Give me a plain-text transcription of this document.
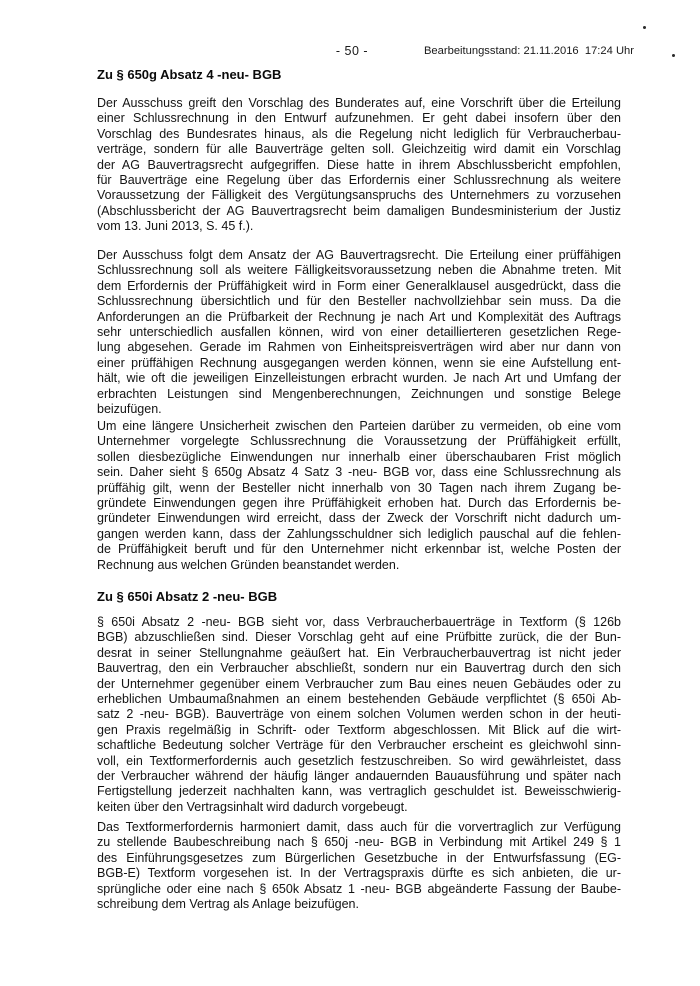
- 50 -	Bearbeitungsstand: 21.11.2016  17:24 Uhr
Zu § 650g Absatz 4 -neu- BGB
Der Ausschuss greift den Vorschlag des Bunderates auf, eine Vorschrift über die Erteilung
einer Schlussrechnung in den Entwurf aufzunehmen. Er geht dabei insofern über den
Vorschlag des Bundesrates hinaus, als die Regelung nicht lediglich für Verbraucherbau-
verträge, sondern für alle Bauverträge gelten soll. Gleichzeitig wird damit ein Vorschlag
der AG Bauvertragsrecht aufgegriffen. Diese hatte in ihrem Abschlussbericht empfohlen,
für Bauverträge eine Regelung über das Erfordernis einer Schlussrechnung als weitere
Voraussetzung der Fälligkeit des Vergütungsanspruchs des Unternehmers zu vorzusehen
(Abschlussbericht der AG Bauvertragsrecht beim damaligen Bundesministerium der Justiz
vom 13. Juni 2013, S. 45 f.).
Der Ausschuss folgt dem Ansatz der AG Bauvertragsrecht. Die Erteilung einer prüffähigen
Schlussrechnung soll als weitere Fälligkeitsvoraussetzung neben die Abnahme treten. Mit
dem Erfordernis der Prüffähigkeit wird in Form einer Generalklausel ausgedrückt, dass die
Schlussrechnung übersichtlich und für den Besteller nachvollziehbar sein muss. Da die
Anforderungen an die Prüfbarkeit der Rechnung je nach Art und Komplexität des Auftrags
sehr unterschiedlich ausfallen können, wird von einer detaillierteren gesetzlichen Rege-
lung abgesehen. Gerade im Rahmen von Einheitspreisverträgen wird aber nur dann von
einer prüffähigen Rechnung ausgegangen werden können, wenn sie eine Aufstellung ent-
hält, wie oft die jeweiligen Einzelleistungen erbracht wurden. Je nach Art und Umfang der
erbrachten Leistungen sind Mengenberechnungen, Zeichnungen und sonstige Belege
beizufügen.
Um eine längere Unsicherheit zwischen den Parteien darüber zu vermeiden, ob eine vom
Unternehmer vorgelegte Schlussrechnung die Voraussetzung der Prüffähigkeit erfüllt,
sollen diesbezügliche Einwendungen nur innerhalb einer überschaubaren Frist möglich
sein. Daher sieht § 650g Absatz 4 Satz 3 -neu- BGB vor, dass eine Schlussrechnung als
prüffähig gilt, wenn der Besteller nicht innerhalb von 30 Tagen nach ihrem Zugang be-
gründete Einwendungen gegen ihre Prüffähigkeit erhoben hat. Durch das Erfordernis be-
gründeter Einwendungen wird erreicht, dass der Zweck der Vorschrift nicht dadurch um-
gangen werden kann, dass der Zahlungsschuldner sich lediglich pauschal auf die fehlen-
de Prüffähigkeit beruft und für den Unternehmer nicht erkennbar ist, welche Posten der
Rechnung aus welchen Gründen beanstandet werden.
Zu § 650i Absatz 2 -neu- BGB
§ 650i Absatz 2 -neu- BGB sieht vor, dass Verbraucherbauerträge in Textform (§ 126b
BGB) abzuschließen sind. Dieser Vorschlag geht auf eine Prüfbitte zurück, die der Bun-
desrat in seiner Stellungnahme geäußert hat. Ein Verbraucherbauvertrag ist nicht jeder
Bauvertrag, den ein Verbraucher abschließt, sondern nur ein Bauvertrag durch den sich
der Unternehmer gegenüber einem Verbraucher zum Bau eines neuen Gebäudes oder zu
erheblichen Umbaumaßnahmen an einem bestehenden Gebäude verpflichtet (§ 650i Ab-
satz 2 -neu- BGB). Bauverträge von einem solchen Volumen werden schon in der heuti-
gen Praxis regelmäßig in Schrift- oder Textform abgeschlossen. Mit Blick auf die wirt-
schaftliche Bedeutung solcher Verträge für den Verbraucher erscheint es gleichwohl sinn-
voll, ein Textformerfordernis auch gesetzlich festzuschreiben. So wird gewährleistet, dass
der Verbraucher während der häufig länger andauernden Bauausführung und später nach
Fertigstellung jederzeit nachhalten kann, was vertraglich geschuldet ist. Beweisschwierig-
keiten über den Vertragsinhalt wird dadurch vorgebeugt.
Das Textformerfordernis harmoniert damit, dass auch für die vorvertraglich zur Verfügung
zu stellende Baubeschreibung nach § 650j -neu- BGB in Verbindung mit Artikel 249 § 1
des Einführungsgesetzes zum Bürgerlichen Gesetzbuche in der Entwurfsfassung (EG-
BGB-E) Textform vorgesehen ist. In der Vertragspraxis dürfte es sich anbieten, die ur-
sprüngliche oder eine nach § 650k Absatz 1 -neu- BGB abgeänderte Fassung der Baube-
schreibung dem Vertrag als Anlage beizufügen.
